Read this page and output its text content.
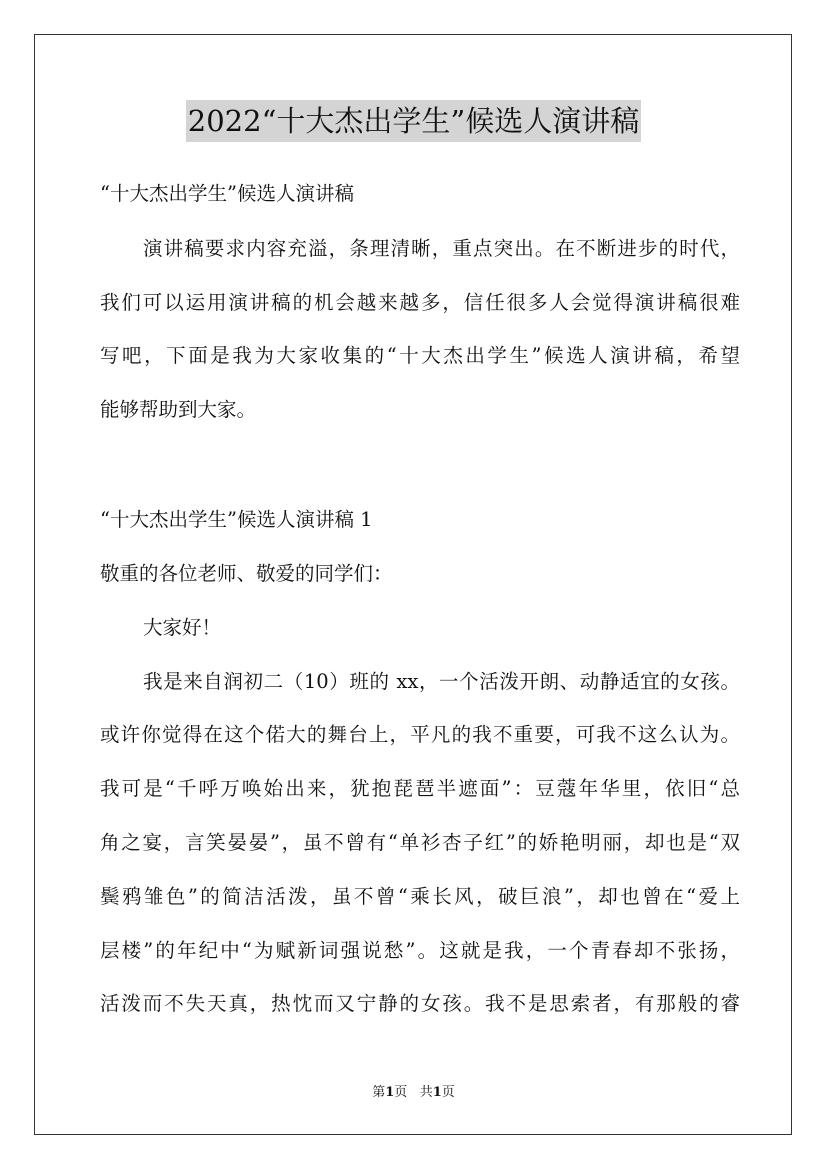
2022“十大杰出学生”候选人演讲稿
“十大杰出学生”候选人演讲稿
演讲稿要求内容充溢，条理清晰，重点突出。在不断进步的时代，
我们可以运用演讲稿的机会越来越多，信任很多人会觉得演讲稿很难
写吧，下面是我为大家收集的“十大杰出学生”候选人演讲稿，希望
能够帮助到大家。
“十大杰出学生”候选人演讲稿 1
敬重的各位老师、敬爱的同学们：
大家好！
我是来自润初二（10）班的 xx，一个活泼开朗、动静适宜的女孩。
或许你觉得在这个偌大的舞台上，平凡的我不重要，可我不这么认为。
我可是“千呼万唤始出来，犹抱琵琶半遮面”：豆蔻年华里，依旧“总
角之宴，言笑晏晏”，虽不曾有“单衫杏子红”的娇艳明丽，却也是“双
鬓鸦雏色”的简洁活泼，虽不曾“乘长风，破巨浪”，却也曾在“爱上
层楼”的年纪中“为赋新词强说愁”。这就是我，一个青春却不张扬，
活泼而不失天真，热忱而又宁静的女孩。我不是思索者，有那般的睿
第1页 共1页
